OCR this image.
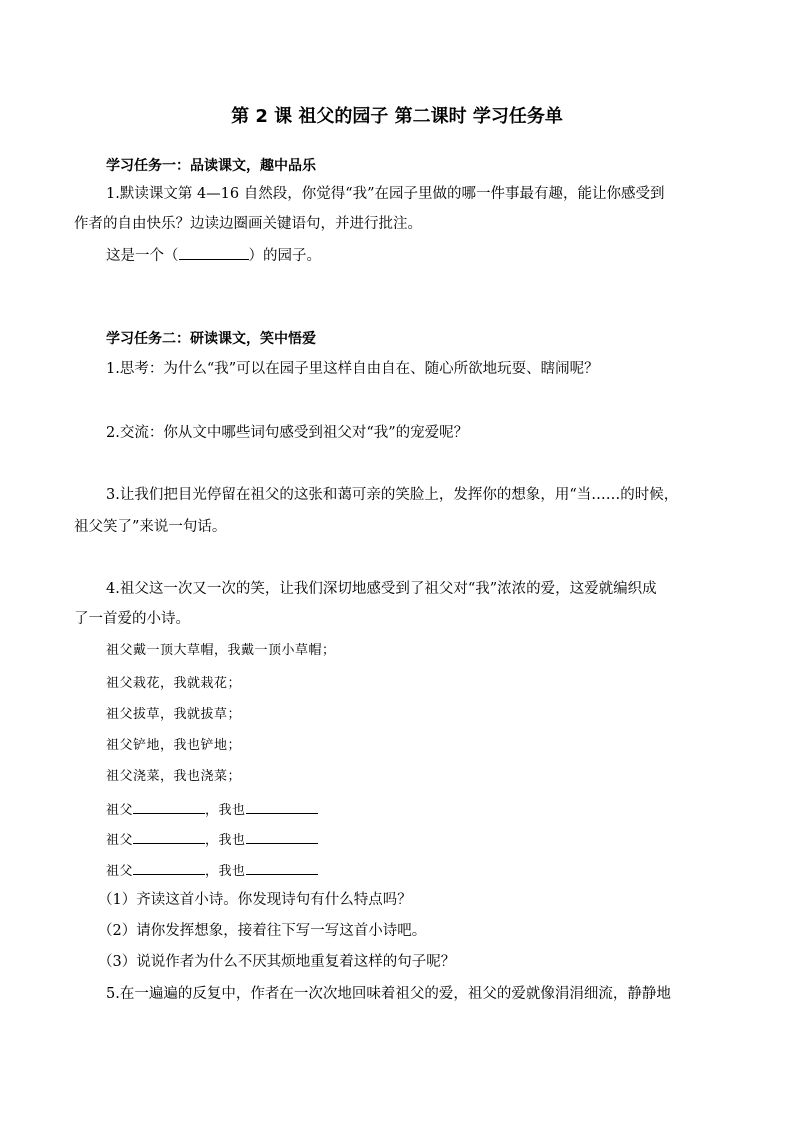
第 2 课 祖父的园子 第二课时 学习任务单
学习任务一：品读课文，趣中品乐
1.默读课文第 4—16 自然段，你觉得“我”在园子里做的哪一件事最有趣，能让你感受到
作者的自由快乐？边读边圈画关键语句，并进行批注。
这是一个（	）的园子。
学习任务二：研读课文，笑中悟爱
1.思考：为什么“我”可以在园子里这样自由自在、随心所欲地玩耍、瞎闹呢？
2.交流：你从文中哪些词句感受到祖父对“我”的宠爱呢？
3.让我们把目光停留在祖父的这张和蔼可亲的笑脸上，发挥你的想象，用“当……的时候，
祖父笑了”来说一句话。
4.祖父这一次又一次的笑，让我们深切地感受到了祖父对“我”浓浓的爱，这爱就编织成
了一首爱的小诗。
祖父戴一顶大草帽，我戴一顶小草帽；
祖父栽花，我就栽花；
祖父拔草，我就拔草；
祖父铲地，我也铲地；
祖父浇菜，我也浇菜；
祖父	，我也
祖父	，我也
祖父	，我也
（1）齐读这首小诗。你发现诗句有什么特点吗？
（2）请你发挥想象，接着往下写一写这首小诗吧。
（3）说说作者为什么不厌其烦地重复着这样的句子呢？
5.在一遍遍的反复中，作者在一次次地回味着祖父的爱，祖父的爱就像涓涓细流，静静地
